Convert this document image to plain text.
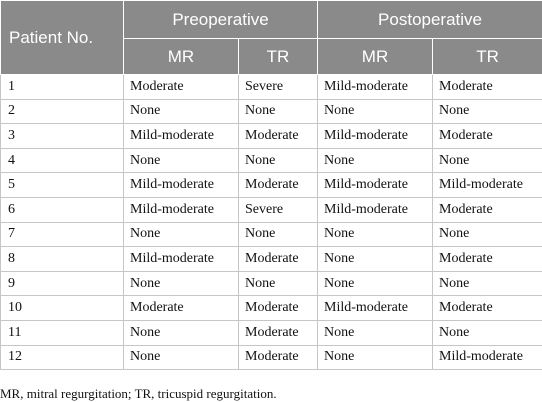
Patient No.	Preoperative		Postoperative	
	MR	TR	MR	TR
1	Moderate	Severe	Mild-moderate	Moderate
2	None	None	None	None
3	Mild-moderate	Moderate	Mild-moderate	Moderate
4	None	None	None	None
5	Mild-moderate	Moderate	Mild-moderate	Mild-moderate
6	Mild-moderate	Severe	Mild-moderate	Moderate
7	None	None	None	None
8	Mild-moderate	Moderate	None	Moderate
9	None	None	None	None
10	Moderate	Moderate	Mild-moderate	Moderate
11	None	Moderate	None	None
12	None	Moderate	None	Mild-moderate
MR, mitral regurgitation; TR, tricuspid regurgitation.
